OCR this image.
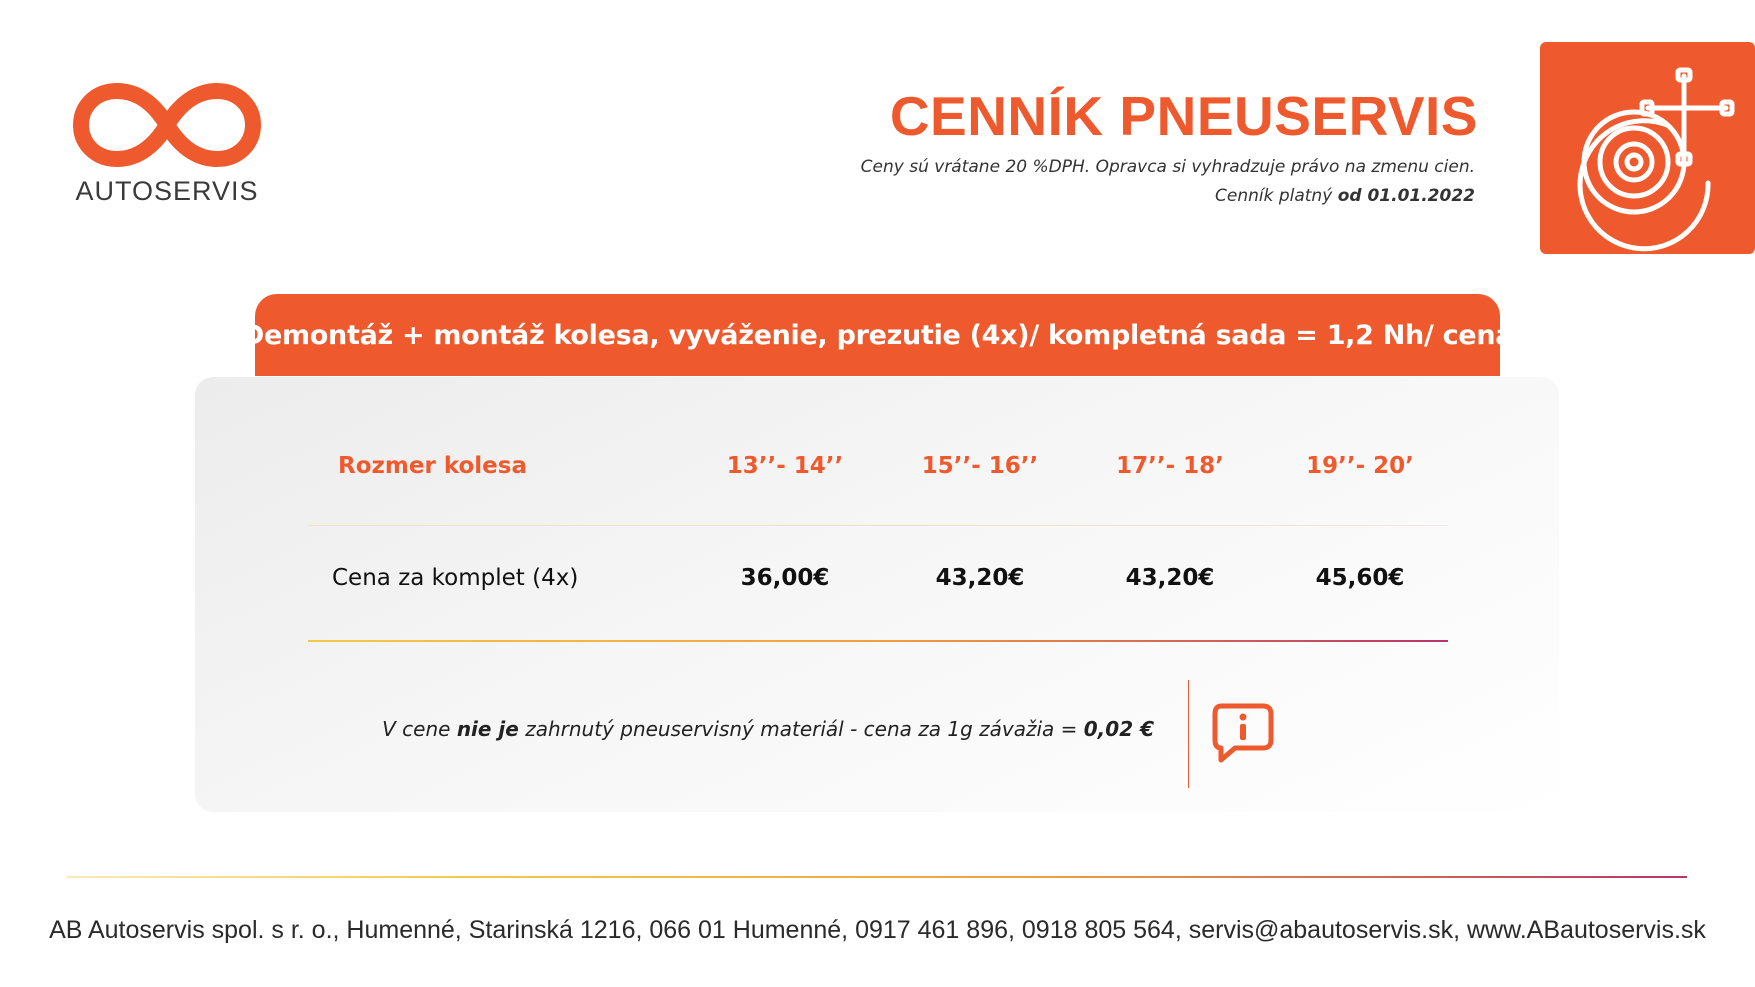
AUTOSERVIS
CENNÍK PNEUSERVIS
Ceny sú vrátane 20 %DPH. Opravca si vyhradzuje právo na zmenu cien.
Cenník platný od 01.01.2022
Demontáž + montáž kolesa, vyváženie, prezutie (4x)/ kompletná sada = 1,2 Nh/ cena
Rozmer kolesa	13’’- 14’’	15’’- 16’’	17’’- 18’	19’’- 20’
Cena za komplet (4x)	36,00€	43,20€	43,20€	45,60€
V cene nie je zahrnutý pneuservisný materiál - cena za 1g závažia = 0,02 €
AB Autoservis spol. s r. o., Humenné, Starinská 1216, 066 01 Humenné, 0917 461 896, 0918 805 564, servis@abautoservis.sk, www.ABautoservis.sk
